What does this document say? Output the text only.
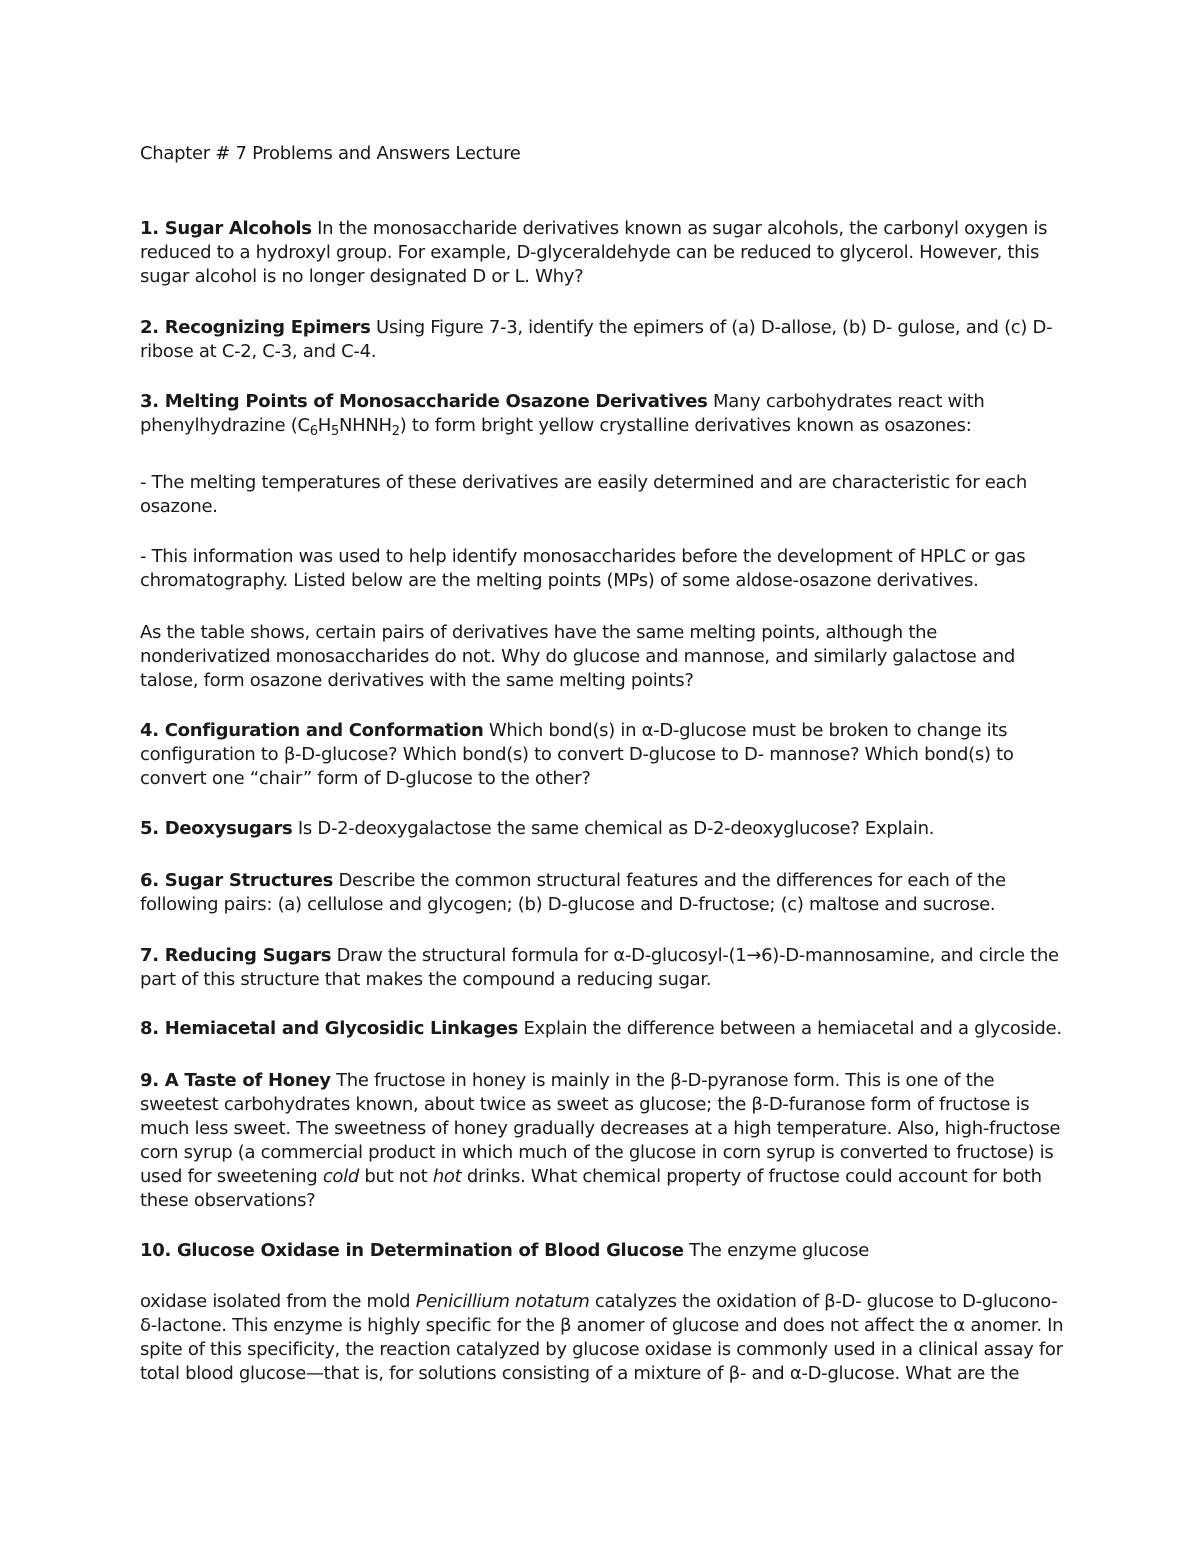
Chapter # 7 Problems and Answers Lecture

1. Sugar Alcohols In the monosaccharide derivatives known as sugar alcohols, the carbonyl oxygen is reduced to a hydroxyl group. For example, D-glyceraldehyde can be reduced to glycerol. However, this sugar alcohol is no longer designated D or L. Why?

2. Recognizing Epimers Using Figure 7-3, identify the epimers of (a) D-allose, (b) D- gulose, and (c) D-ribose at C-2, C-3, and C-4.

3. Melting Points of Monosaccharide Osazone Derivatives Many carbohydrates react with phenylhydrazine $(C_6H_5NHNH_2)$ to form bright yellow crystalline derivatives known as osazones:

- The melting temperatures of these derivatives are easily determined and are characteristic for each osazone.

- This information was used to help identify monosaccharides before the development of HPLC or gas chromatography. Listed below are the melting points (MPs) of some aldose-osazone derivatives.

As the table shows, certain pairs of derivatives have the same melting points, although the nonderivatized monosaccharides do not. Why do glucose and mannose, and similarly galactose and talose, form osazone derivatives with the same melting points?

4. Configuration and Conformation Which bond(s) in α-D-glucose must be broken to change its configuration to β-D-glucose? Which bond(s) to convert D-glucose to D- mannose? Which bond(s) to convert one “chair” form of D-glucose to the other?

5. Deoxysugars Is D-2-deoxygalactose the same chemical as D-2-deoxyglucose? Explain.

6. Sugar Structures Describe the common structural features and the differences for each of the following pairs: (a) cellulose and glycogen; (b) D-glucose and D-fructose; (c) maltose and sucrose.

7. Reducing Sugars Draw the structural formula for α-D-glucosyl-(1→6)-D-mannosamine, and circle the part of this structure that makes the compound a reducing sugar.

8. Hemiacetal and Glycosidic Linkages Explain the difference between a hemiacetal and a glycoside.

9. A Taste of Honey The fructose in honey is mainly in the β-D-pyranose form. This is one of the sweetest carbohydrates known, about twice as sweet as glucose; the β-D-furanose form of fructose is much less sweet. The sweetness of honey gradually decreases at a high temperature. Also, high-fructose corn syrup (a commercial product in which much of the glucose in corn syrup is converted to fructose) is used for sweetening cold but not hot drinks. What chemical property of fructose could account for both these observations?

10. Glucose Oxidase in Determination of Blood Glucose The enzyme glucose

oxidase isolated from the mold Penicillium notatum catalyzes the oxidation of β-D- glucose to D-glucono-δ-lactone. This enzyme is highly specific for the β anomer of glucose and does not affect the α anomer. In spite of this specificity, the reaction catalyzed by glucose oxidase is commonly used in a clinical assay for total blood glucose—that is, for solutions consisting of a mixture of β- and α-D-glucose. What are the
